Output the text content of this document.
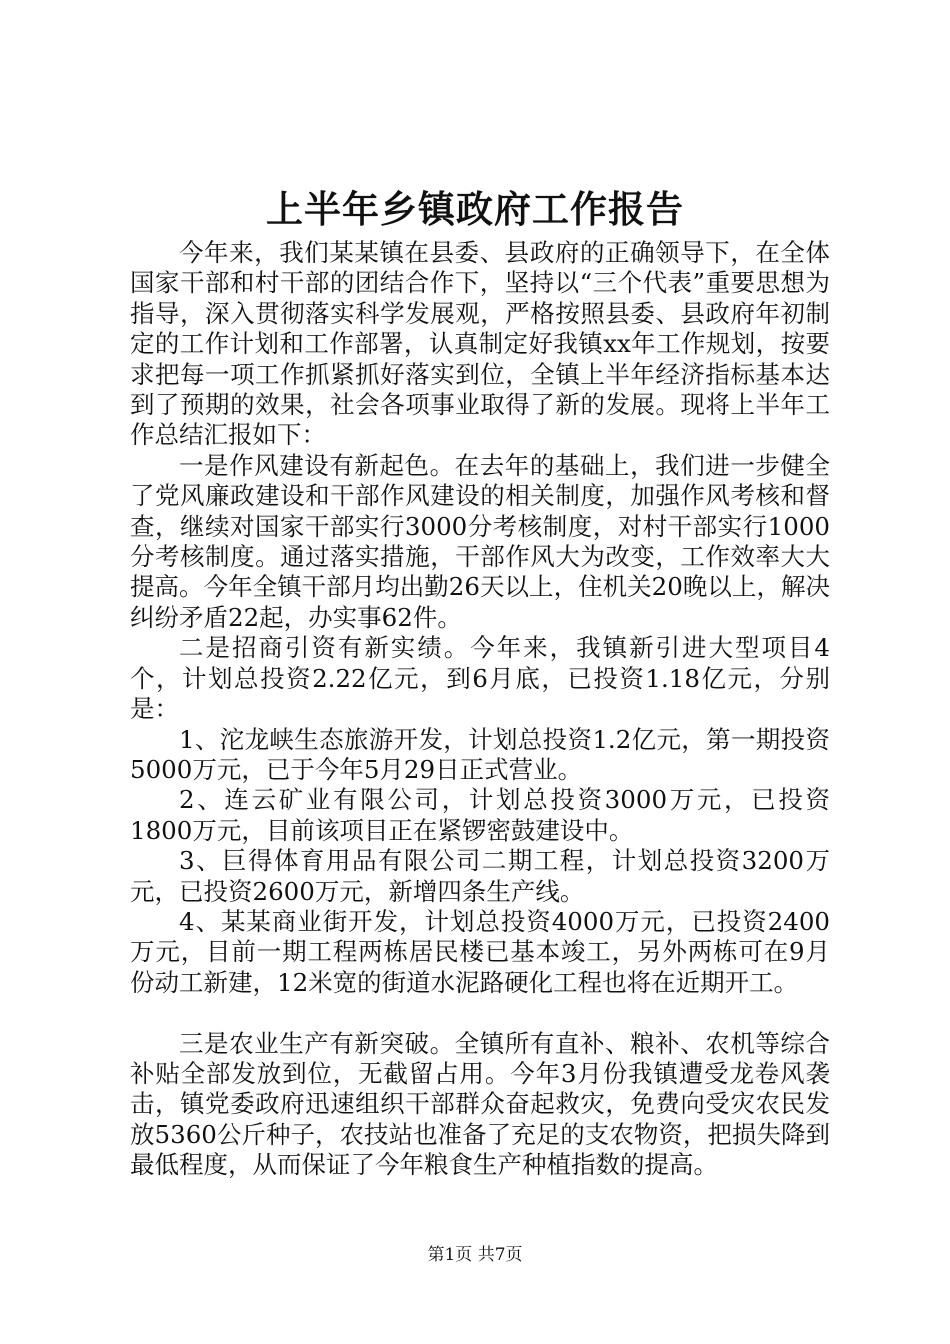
上半年乡镇政府工作报告

今年来，我们某某镇在县委、县政府的正确领导下，在全体国家干部和村干部的团结合作下，坚持以“三个代表”重要思想为指导，深入贯彻落实科学发展观，严格按照县委、县政府年初制定的工作计划和工作部署，认真制定好我镇xx年工作规划，按要求把每一项工作抓紧抓好落实到位，全镇上半年经济指标基本达到了预期的效果，社会各项事业取得了新的发展。现将上半年工作总结汇报如下：

一是作风建设有新起色。在去年的基础上，我们进一步健全了党风廉政建设和干部作风建设的相关制度，加强作风考核和督查，继续对国家干部实行3000分考核制度，对村干部实行1000分考核制度。通过落实措施，干部作风大为改变，工作效率大大提高。今年全镇干部月均出勤26天以上，住机关20晚以上，解决纠纷矛盾22起，办实事62件。

二是招商引资有新实绩。今年来，我镇新引进大型项目4个，计划总投资2.22亿元，到6月底，已投资1.18亿元，分别是：

1、沱龙峡生态旅游开发，计划总投资1.2亿元，第一期投资5000万元，已于今年5月29日正式营业。

2、连云矿业有限公司，计划总投资3000万元，已投资1800万元，目前该项目正在紧锣密鼓建设中。

3、巨得体育用品有限公司二期工程，计划总投资3200万元，已投资2600万元，新增四条生产线。

4、某某商业街开发，计划总投资4000万元，已投资2400万元，目前一期工程两栋居民楼已基本竣工，另外两栋可在9月份动工新建，12米宽的街道水泥路硬化工程也将在近期开工。

三是农业生产有新突破。全镇所有直补、粮补、农机等综合补贴全部发放到位，无截留占用。今年3月份我镇遭受龙卷风袭击，镇党委政府迅速组织干部群众奋起救灾，免费向受灾农民发放5360公斤种子，农技站也准备了充足的支农物资，把损失降到最低程度，从而保证了今年粮食生产种植指数的提高。

第1页 共7页
